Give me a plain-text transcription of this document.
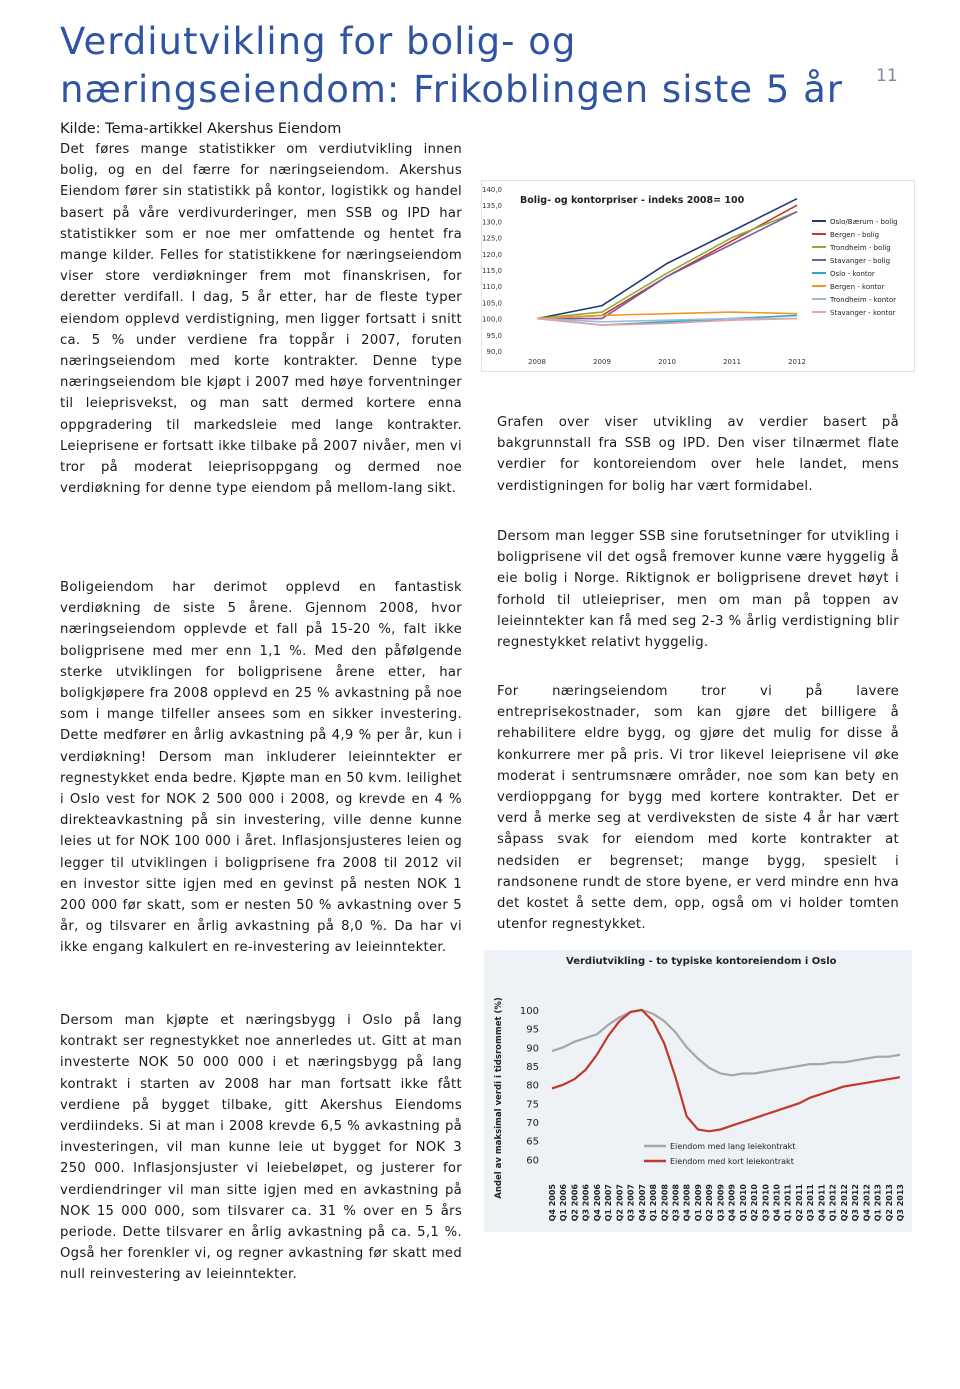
Verdiutvikling for bolig- og
næringseiendom: Frikoblingen siste 5 år	11
Kilde: Tema-artikkel Akershus Eiendom

Det føres mange statistikker om verdiutvikling innen bolig, og en del færre for næringseiendom. Akershus Eiendom fører sin statistikk på kontor, logistikk og handel basert på våre verdivurderinger, men SSB og IPD har statistikker som er noe mer omfattende og hentet fra mange kilder. Felles for statistikkene for næringseiendom viser store verdiøkninger frem mot finanskrisen, for deretter verdifall. I dag, 5 år etter, har de fleste typer eiendom opplevd verdistigning, men ligger fortsatt i snitt ca. 5 % under verdiene fra toppår i 2007, foruten næringseiendom med korte kontrakter. Denne type næringseiendom ble kjøpt i 2007 med høye forventninger til leieprisvekst, og man satt dermed kortere enna oppgradering til markedsleie med lange kontrakter. Leieprisene er fortsatt ikke tilbake på 2007 nivåer, men vi tror på moderat leieprisoppgang og dermed noe verdiøkning for denne type eiendom på mellom-lang sikt.

Boligeiendom har derimot opplevd en fantastisk verdiøkning de siste 5 årene. Gjennom 2008, hvor næringseiendom opplevde et fall på 15-20 %, falt ikke boligprisene med mer enn 1,1 %. Med den påfølgende sterke utviklingen for boligprisene årene etter, har boligkjøpere fra 2008 opplevd en 25 % avkastning på noe som i mange tilfeller ansees som en sikker investering. Dette medfører en årlig avkastning på 4,9 % per år, kun i verdiøkning! Dersom man inkluderer leieinntekter er regnestykket enda bedre. Kjøpte man en 50 kvm. leilighet i Oslo vest for NOK 2 500 000 i 2008, og krevde en 4 % direkteavkastning på sin investering, ville denne kunne leies ut for NOK 100 000 i året. Inflasjonsjusteres leien og legger til utviklingen i boligprisene fra 2008 til 2012 vil en investor sitte igjen med en gevinst på nesten NOK 1 200 000 før skatt, som er nesten 50 % avkastning over 5 år, og tilsvarer en årlig avkastning på 8,0 %. Da har vi ikke engang kalkulert en re-investering av leieinntekter.

Dersom man kjøpte et næringsbygg i Oslo på lang kontrakt ser regnestykket noe annerledes ut. Gitt at man investerte NOK 50 000 000 i et næringsbygg på lang kontrakt i starten av 2008 har man fortsatt ikke fått verdiene på bygget tilbake, gitt Akershus Eiendoms verdiindeks. Si at man i 2008 krevde 6,5 % avkastning på investeringen, vil man kunne leie ut bygget for NOK 3 250 000. Inflasjonsjuster vi leiebeløpet, og justerer for verdiendringer vil man sitte igjen med en avkastning på NOK 15 000 000, som tilsvarer ca. 31 % over en 5 års periode. Dette tilsvarer en årlig avkastning på ca. 5,1 %. Også her forenkler vi, og regner avkastning før skatt med null reinvestering av leieinntekter.

Grafen over viser utvikling av verdier basert på bakgrunnstall fra SSB og IPD. Den viser tilnærmet flate verdier for kontoreiendom over hele landet, mens verdistigningen for bolig har vært formidabel.

Dersom man legger SSB sine forutsetninger for utvikling i boligprisene vil det også fremover kunne være hyggelig å eie bolig i Norge. Riktignok er boligprisene drevet høyt i forhold til utleiepriser, men om man på toppen av leieinntekter kan få med seg 2-3 % årlig verdistigning blir regnestykket relativt hyggelig.

For næringseiendom tror vi på lavere entreprisekostnader, som kan gjøre det billigere å rehabilitere eldre bygg, og gjøre det mulig for disse å konkurrere mer på pris. Vi tror likevel leieprisene vil øke moderat i sentrumsnære områder, noe som kan bety en verdioppgang for bygg med kortere kontrakter. Det er verd å merke seg at verdiveksten de siste 4 år har vært såpass svak for eiendom med korte kontrakter at nedsiden er begrenset; mange bygg, spesielt i randsonene rundt de store byene, er verd mindre enn hva det kostet å sette dem, opp, også om vi holder tomten utenfor regnestykket.

90,0
95,0
100,0
105,0
110,0
115,0
120,0
125,0
130,0
135,0
140,0
2008	2009	2010	2011	2012
Bolig- og kontorpriser - indeks 2008= 100
Oslo/Bærum - bolig
Bergen - bolig
Trondheim - bolig
Stavanger - bolig
Oslo - kontor
Bergen - kontor
Trondheim - kontor
Stavanger - kontor
Verdiutvikling - to typiske kontoreiendom i Oslo
Andel av maksimal verdi i tidsrommet (%) 60
65
70
75
80
85
90
95
100
Q4 2005 Q1 2006 Q2 2006 Q3 2006 Q4 2006 Q1 2007 Q2 2007 Q3 2007 Q4 2007 Q1 2008 Q2 2008 Q3 2008 Q4 2008 Q1 2009 Q2 2009 Q3 2009 Q4 2009 Q1 2010 Q2 2010 Q3 2010 Q4 2010 Q1 2011 Q2 2011 Q3 2011 Q4 2011 Q1 2012 Q2 2012 Q3 2012 Q4 2012 Q1 2013 Q2 2013 Q3 2013
Eiendom med lang leiekontrakt
Eiendom med kort leiekontrakt
